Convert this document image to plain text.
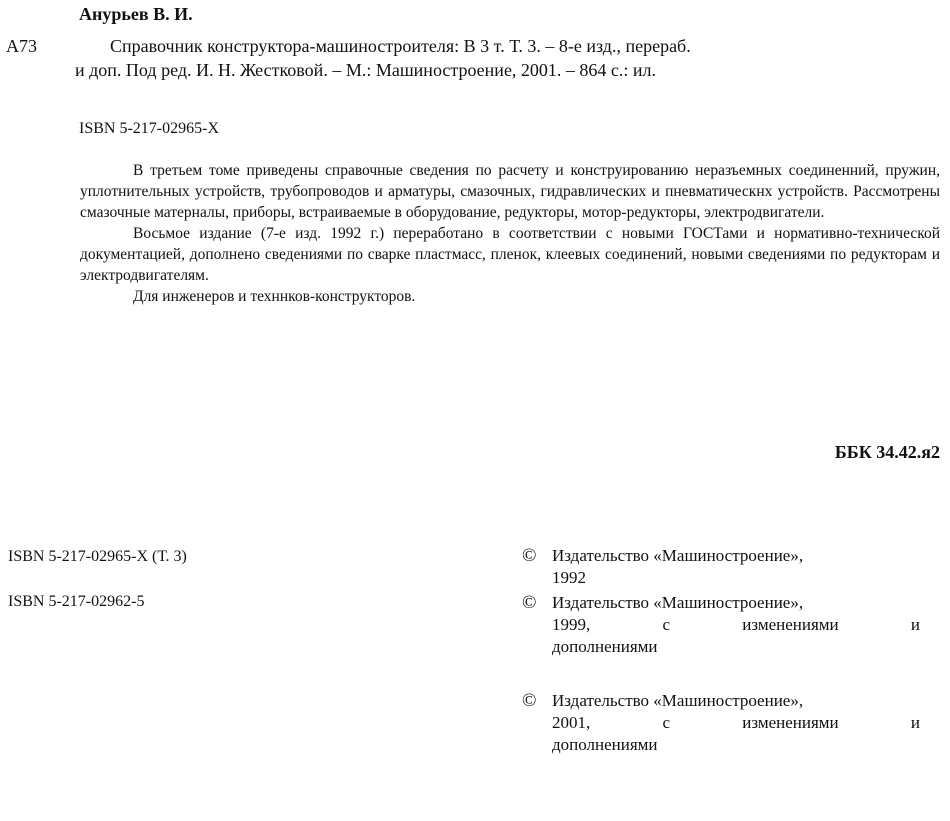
Анурьев В. И.
А73	Справочник конструктора-машиностроителя: В 3 т. Т. 3. – 8-е изд., перераб.
и доп. Под ред. И. Н. Жестковой. – М.: Машиностроение, 2001. – 864 с.: ил.
ISBN 5-217-02965-X

В третьем томе приведены справочные сведения по расчету и конструированию неразъемных соединенний, пружин, уплотнительных устройств, трубопроводов и арматуры, смазочных, гидравлических и пневматическнх устройств. Рассмотрены смазочные матерналы, приборы, встраиваемые в оборудование, редукторы, мотор-редукторы, электродвигатели.

Восьмое издание (7-е изд. 1992 г.) переработано в соответствии с новыми ГОСТами и нормативно-технической документацией, дополнено сведениями по сварке пластмасс, пленок, клеевых соединений, новыми сведениями по редукторам и электродвигателям.

Для инженеров и техннков-конструкторов.

ББК 34.42.я2
ISBN 5-217-02965-X (Т. 3)
ISBN 5-217-02962-5
© Издательство «Машиностроение»,
1992
© Издательство «Машиностроение»,
1999, с изменениями и
дополнениями
© Издательство «Машиностроение»,
2001, с изменениями и
дополнениями
